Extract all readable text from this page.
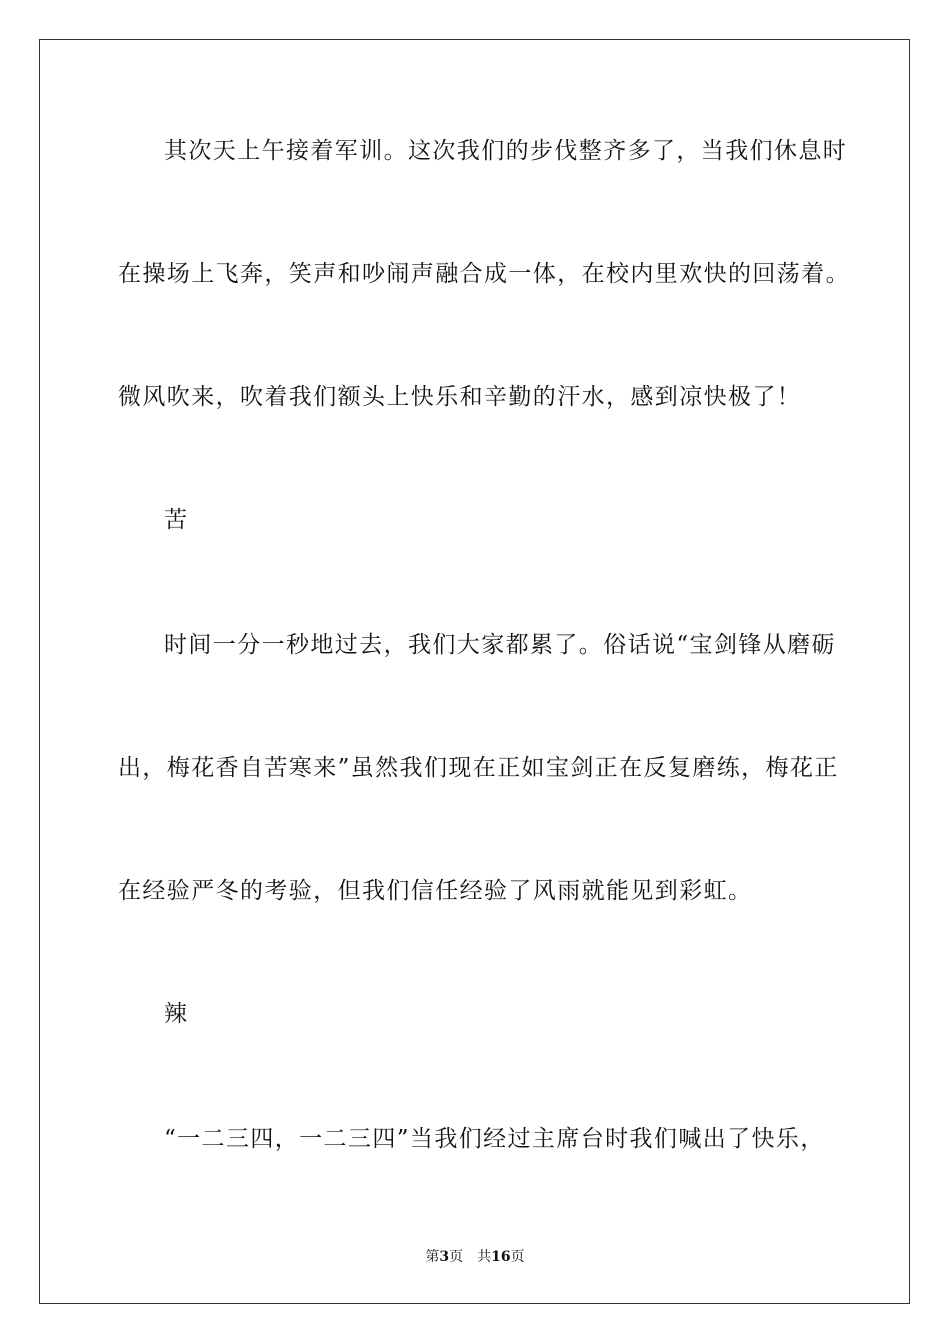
其次天上午接着军训。这次我们的步伐整齐多了，当我们休息时
在操场上飞奔，笑声和吵闹声融合成一体，在校内里欢快的回荡着。
微风吹来，吹着我们额头上快乐和辛勤的汗水，感到凉快极了！
苦
时间一分一秒地过去，我们大家都累了。俗话说“宝剑锋从磨砺
出，梅花香自苦寒来”虽然我们现在正如宝剑正在反复磨练，梅花正
在经验严冬的考验，但我们信任经验了风雨就能见到彩虹。
辣
“一二三四，一二三四”当我们经过主席台时我们喊出了快乐，
第3页 共16页
